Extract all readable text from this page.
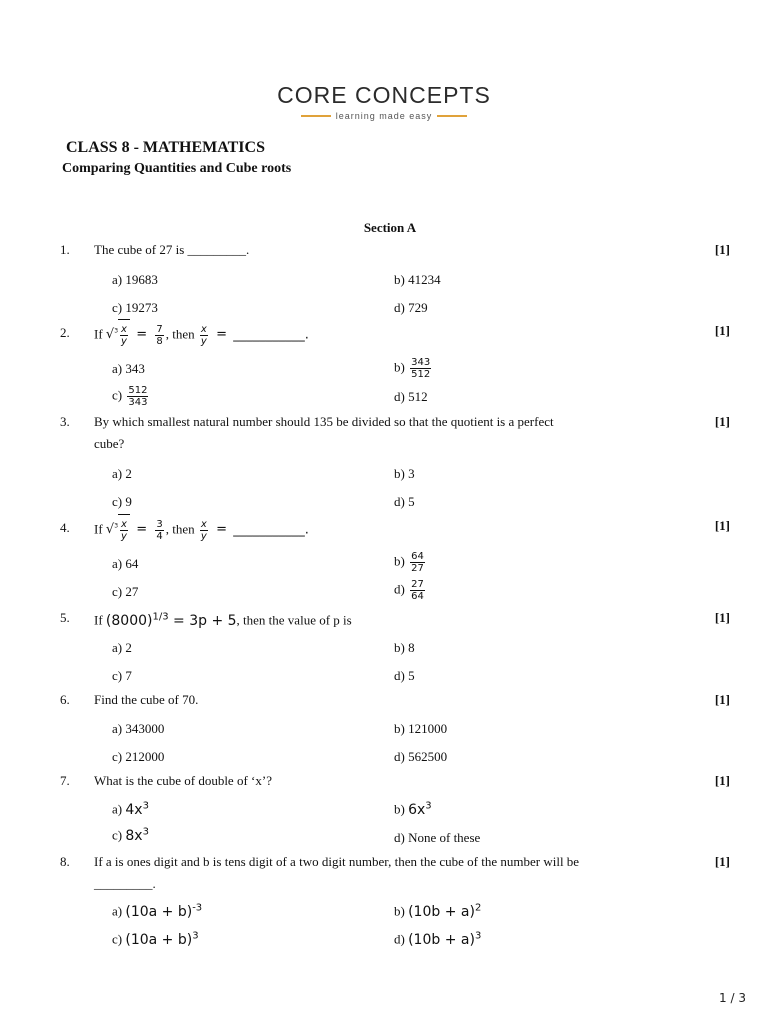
CORE CONCEPTS
learning made easy
CLASS 8 - MATHEMATICS
Comparing Quantities and Cube roots
Section A
1. The cube of 27 is _________.	[1]
a) 19683	b) 41234
c) 19273	d) 729
2. If $√^3 \frac{x}{y} = \frac{7}{8}$ , then $\frac{x}{y}$ = ___________.	[1]
a) 343	$b) \frac{343}{512}$
$c) \frac{512}{343}$	d) 512
3. By which smallest natural number should 135 be divided so that the quotient is a perfect
cube?
[1]
a) 2	b) 3
c) 9	d) 5
4. If $√^3 \frac{x}{y} = \frac{3}{4}$ , then $\frac{x}{y}$ = ___________.	[1]
a) 64	$b) \frac{64}{27}$
c) 27	$d) \frac{27}{64}$
5. If $(8000)^{1/3} = 3p + 5$, then the value of p is	[1]
a) 2	b) 8
c) 7	d) 5
6. Find the cube of 70.	[1]
a) 343000	b) 121000
c) 212000	d) 562500
7. What is the cube of double of ‘x’?	[1]
a) $4x^3$	b) $6x^3$
c) $8x^3$	d) None of these
8. If a is ones digit and b is tens digit of a two digit number, then the cube of the number will be
_________.
[1]
a) $(10a + b)^{-3}$	b) $(10b + a)^2$
c) $(10a + b)^3$	d) $(10b + a)^3$
1 / 3
